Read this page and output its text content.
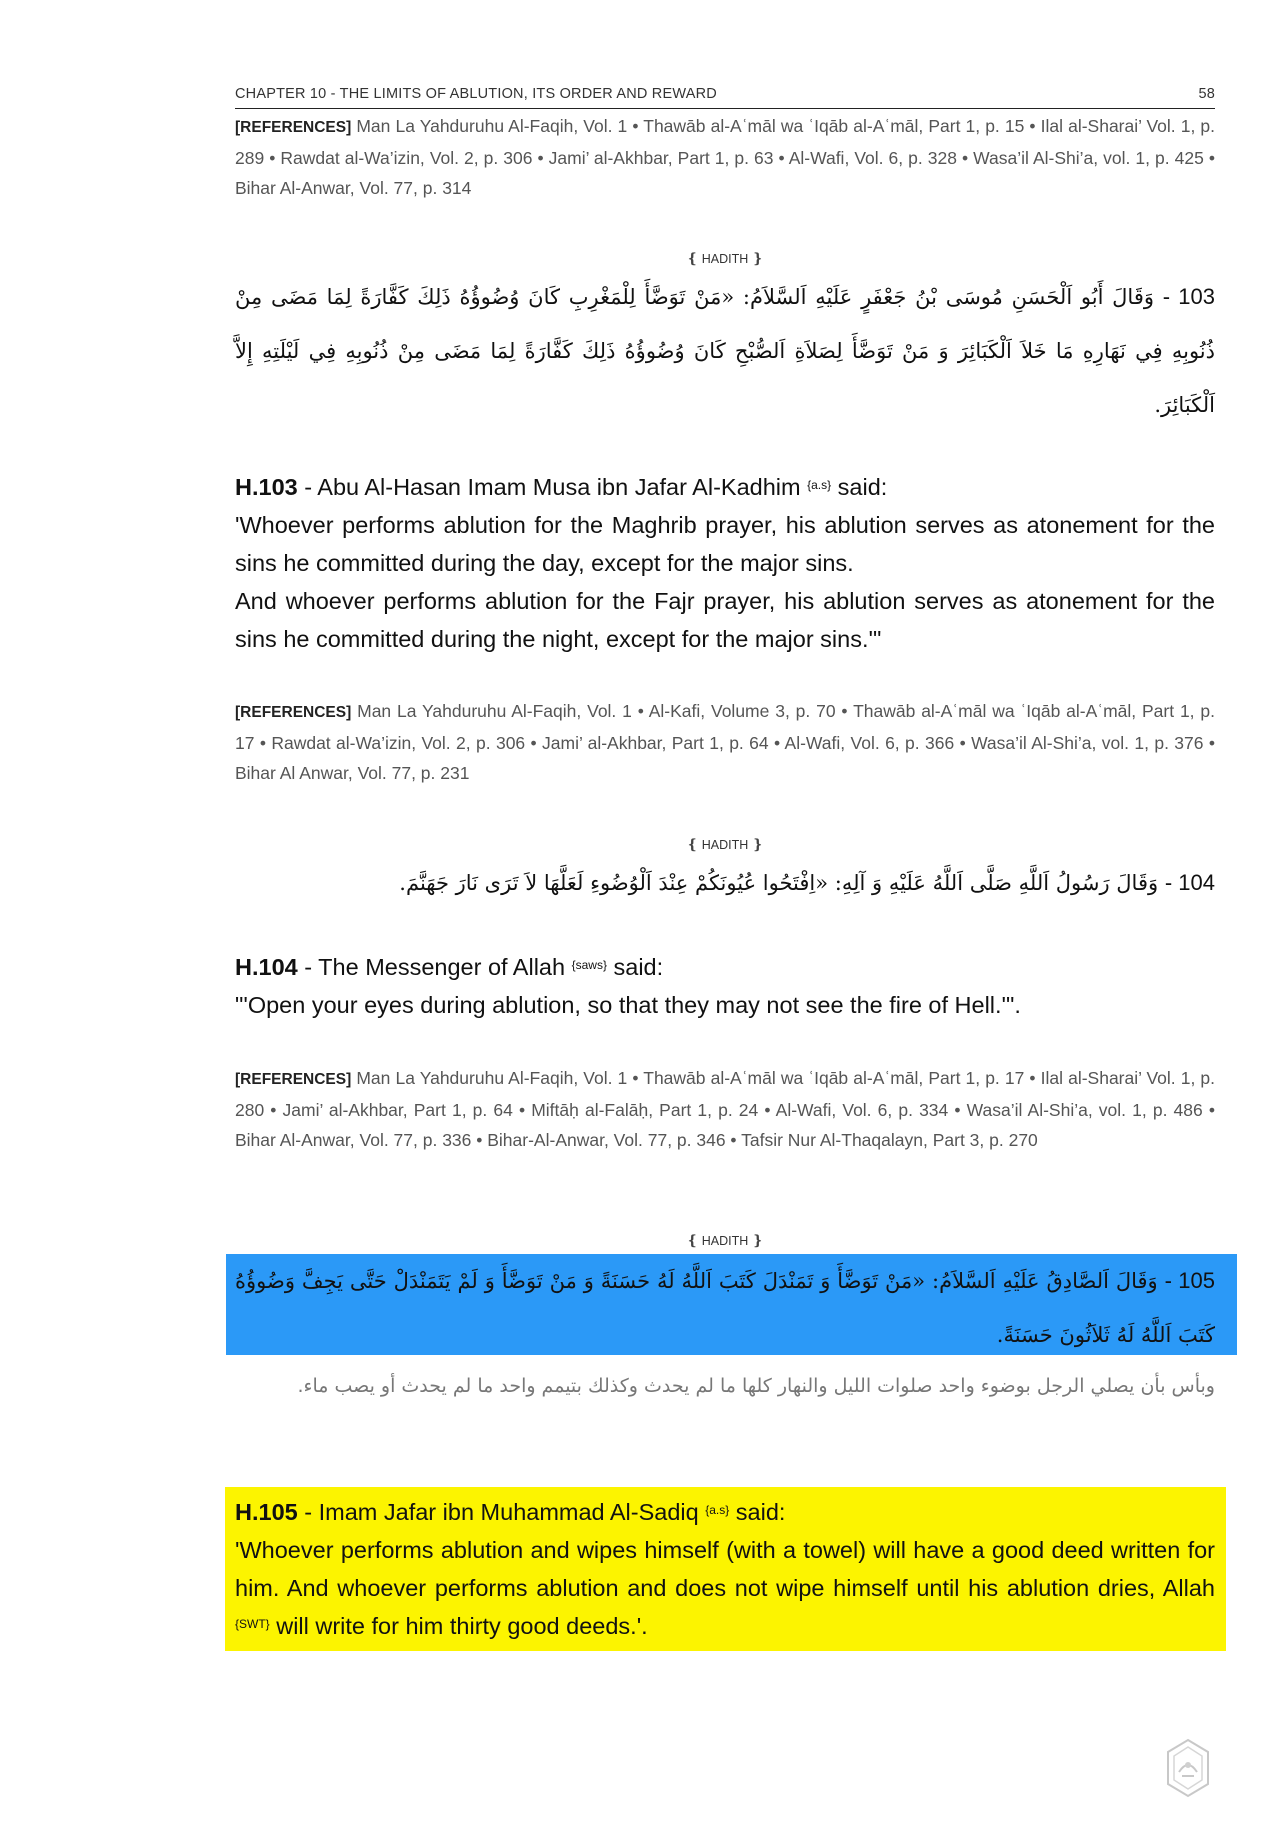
CHAPTER 10 - THE LIMITS OF ABLUTION, ITS ORDER AND REWARD	58
[REFERENCES] Man La Yahduruhu Al-Faqih, Vol. 1 • Thawāb al-Aʿmāl wa ʿIqāb al-Aʿmāl, Part 1, p. 15 • Ilal al-Sharai’ Vol. 1, p. 289 • Rawdat al-Wa’izin, Vol. 2, p. 306 • Jami’ al-Akhbar, Part 1, p. 63 • Al-Wafi, Vol. 6, p. 328 • Wasa’il Al-Shi’a, vol. 1, p. 425 • Bihar Al-Anwar, Vol. 77, p. 314
❴ HADITH ❵
103 - وَقَالَ أَبُو اَلْحَسَنِ مُوسَى بْنُ جَعْفَرٍ عَلَيْهِ اَلسَّلاَمُ: «مَنْ تَوَضَّأَ لِلْمَغْرِبِ كَانَ وُضُوؤُهُ ذَلِكَ كَفَّارَةً لِمَا مَضَى مِنْ ذُنُوبِهِ فِي نَهَارِهِ مَا خَلاَ اَلْكَبَائِرَ وَ مَنْ تَوَضَّأَ لِصَلاَةِ اَلصُّبْحِ كَانَ وُضُوؤُهُ ذَلِكَ كَفَّارَةً لِمَا مَضَى مِنْ ذُنُوبِهِ فِي لَيْلَتِهِ إِلاَّ اَلْكَبَائِرَ.
H.103 - Abu Al-Hasan Imam Musa ibn Jafar Al-Kadhim $^{\{a.s\}}$ said:
'Whoever performs ablution for the Maghrib prayer, his ablution serves as atonement for the sins he committed during the day, except for the major sins.
And whoever performs ablution for the Fajr prayer, his ablution serves as atonement for the sins he committed during the night, except for the major sins.'"
[REFERENCES] Man La Yahduruhu Al-Faqih, Vol. 1 • Al-Kafi, Volume 3, p. 70 • Thawāb al-Aʿmāl wa ʿIqāb al-Aʿmāl, Part 1, p. 17 • Rawdat al-Wa’izin, Vol. 2, p. 306 • Jami’ al-Akhbar, Part 1, p. 64 • Al-Wafi, Vol. 6, p. 366 • Wasa’il Al-Shi’a, vol. 1, p. 376 • Bihar Al Anwar, Vol. 77, p. 231
❴ HADITH ❵
104 - وَقَالَ رَسُولُ اَللَّهِ صَلَّى اَللَّهُ عَلَيْهِ وَ آلِهِ: «اِفْتَحُوا عُيُونَكُمْ عِنْدَ اَلْوُضُوءِ لَعَلَّهَا لاَ تَرَى نَارَ جَهَنَّمَ.
H.104 - The Messenger of Allah $^{\{saws\}}$ said:
"'Open your eyes during ablution, so that they may not see the fire of Hell.'".
[REFERENCES] Man La Yahduruhu Al-Faqih, Vol. 1 • Thawāb al-Aʿmāl wa ʿIqāb al-Aʿmāl, Part 1, p. 17 • Ilal al-Sharai’ Vol. 1, p. 280 • Jami’ al-Akhbar, Part 1, p. 64 • Miftāḥ al-Falāḥ, Part 1, p. 24 • Al-Wafi, Vol. 6, p. 334 • Wasa’il Al-Shi’a, vol. 1, p. 486 • Bihar Al-Anwar, Vol. 77, p. 336 • Bihar-Al-Anwar, Vol. 77, p. 346 • Tafsir Nur Al-Thaqalayn, Part 3, p. 270
❴ HADITH ❵
105 - وَقَالَ اَلصَّادِقُ عَلَيْهِ اَلسَّلاَمُ: «مَنْ تَوَضَّأَ وَ تَمَنْدَلَ كَتَبَ اَللَّهُ لَهُ حَسَنَةً وَ مَنْ تَوَضَّأَ وَ لَمْ يَتَمَنْدَلْ حَتَّى يَجِفَّ وَضُوؤُهُ كَتَبَ اَللَّهُ لَهُ ثَلاَثُونَ حَسَنَةً.
وبأس بأن يصلي الرجل بوضوء واحد صلوات الليل والنهار كلها ما لم يحدث وكذلك بتيمم واحد ما لم يحدث أو يصب ماء.
H.105 - Imam Jafar ibn Muhammad Al-Sadiq $^{\{a.s\}}$ said:
'Whoever performs ablution and wipes himself (with a towel) will have a good deed written for him. And whoever performs ablution and does not wipe himself until his ablution dries, Allah $^{\{SWT\}}$ will write for him thirty good deeds.'.
